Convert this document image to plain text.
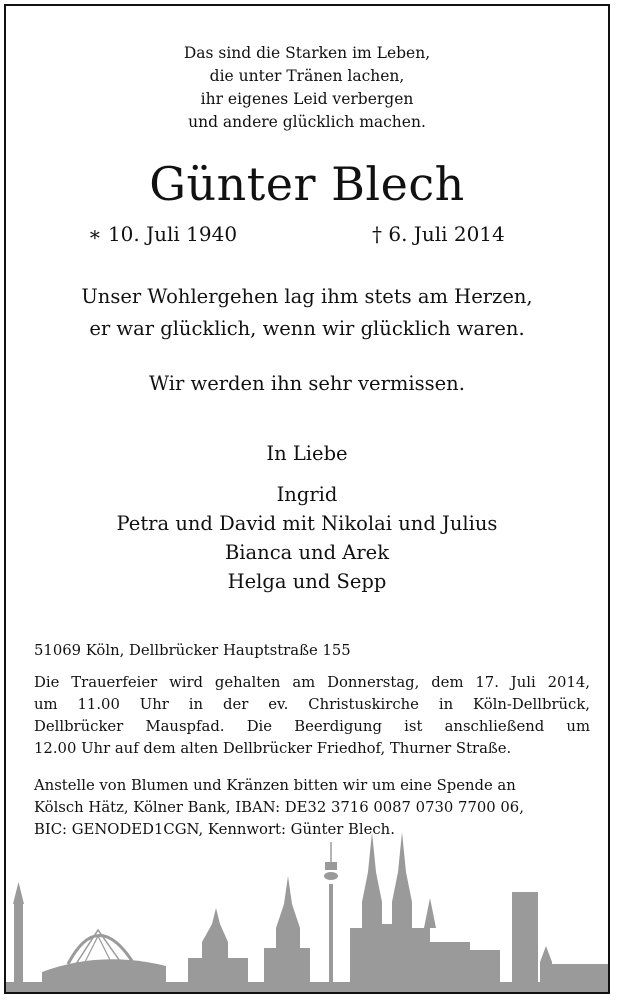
Das sind die Starken im Leben,
die unter Tränen lachen,
ihr eigenes Leid verbergen
und andere glücklich machen.
Günter Blech
∗ 10. Juli 1940	† 6. Juli 2014
Unser Wohlergehen lag ihm stets am Herzen,
er war glücklich, wenn wir glücklich waren.
Wir werden ihn sehr vermissen.
In Liebe
Ingrid
Petra und David mit Nikolai und Julius
Bianca und Arek
Helga und Sepp
51069 Köln, Dellbrücker Hauptstraße 155
Die Trauerfeier wird gehalten am Donnerstag, dem 17. Juli 2014,
um 11.00 Uhr in der ev. Christuskirche in Köln-Dellbrück,
Dellbrücker Mauspfad. Die Beerdigung ist anschließend um
12.00 Uhr auf dem alten Dellbrücker Friedhof, Thurner Straße.
Anstelle von Blumen und Kränzen bitten wir um eine Spende an
Kölsch Hätz, Kölner Bank, IBAN: DE32 3716 0087 0730 7700 06,
BIC: GENODED1CGN, Kennwort: Günter Blech.
